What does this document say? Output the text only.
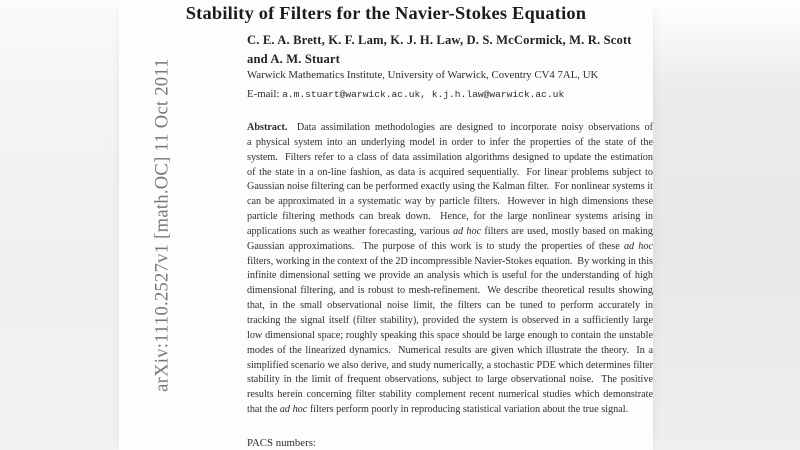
arXiv:1110.2527v1 [math.OC] 11 Oct 2011
Stability of Filters for the Navier-Stokes Equation
C. E. A. Brett, K. F. Lam, K. J. H. Law, D. S. McCormick, M. R. Scott
and A. M. Stuart
Warwick Mathematics Institute, University of Warwick, Coventry CV4 7AL, UK
E-mail: a.m.stuart@warwick.ac.uk, k.j.h.law@warwick.ac.uk
Abstract.  Data assimilation methodologies are designed to incorporate noisy observations of
a physical system into an underlying model in order to infer the properties of the state of the
system.  Filters refer to a class of data assimilation algorithms designed to update the estimation
of the state in a on-line fashion, as data is acquired sequentially.  For linear problems subject to
Gaussian noise filtering can be performed exactly using the Kalman filter.  For nonlinear systems it
can be approximated in a systematic way by particle filters.  However in high dimensions these
particle filtering methods can break down.  Hence, for the large nonlinear systems arising in
applications such as weather forecasting, various ad hoc filters are used, mostly based on making
Gaussian approximations.  The purpose of this work is to study the properties of these ad hoc
filters, working in the context of the 2D incompressible Navier-Stokes equation.  By working in this
infinite dimensional setting we provide an analysis which is useful for the understanding of high
dimensional filtering, and is robust to mesh-refinement.  We describe theoretical results showing
that, in the small observational noise limit, the filters can be tuned to perform accurately in
tracking the signal itself (filter stability), provided the system is observed in a sufficiently large
low dimensional space; roughly speaking this space should be large enough to contain the unstable
modes of the linearized dynamics.  Numerical results are given which illustrate the theory.  In a
simplified scenario we also derive, and study numerically, a stochastic PDE which determines filter
stability in the limit of frequent observations, subject to large observational noise.  The positive
results herein concerning filter stability complement recent numerical studies which demonstrate
that the ad hoc filters perform poorly in reproducing statistical variation about the true signal.
PACS numbers:
